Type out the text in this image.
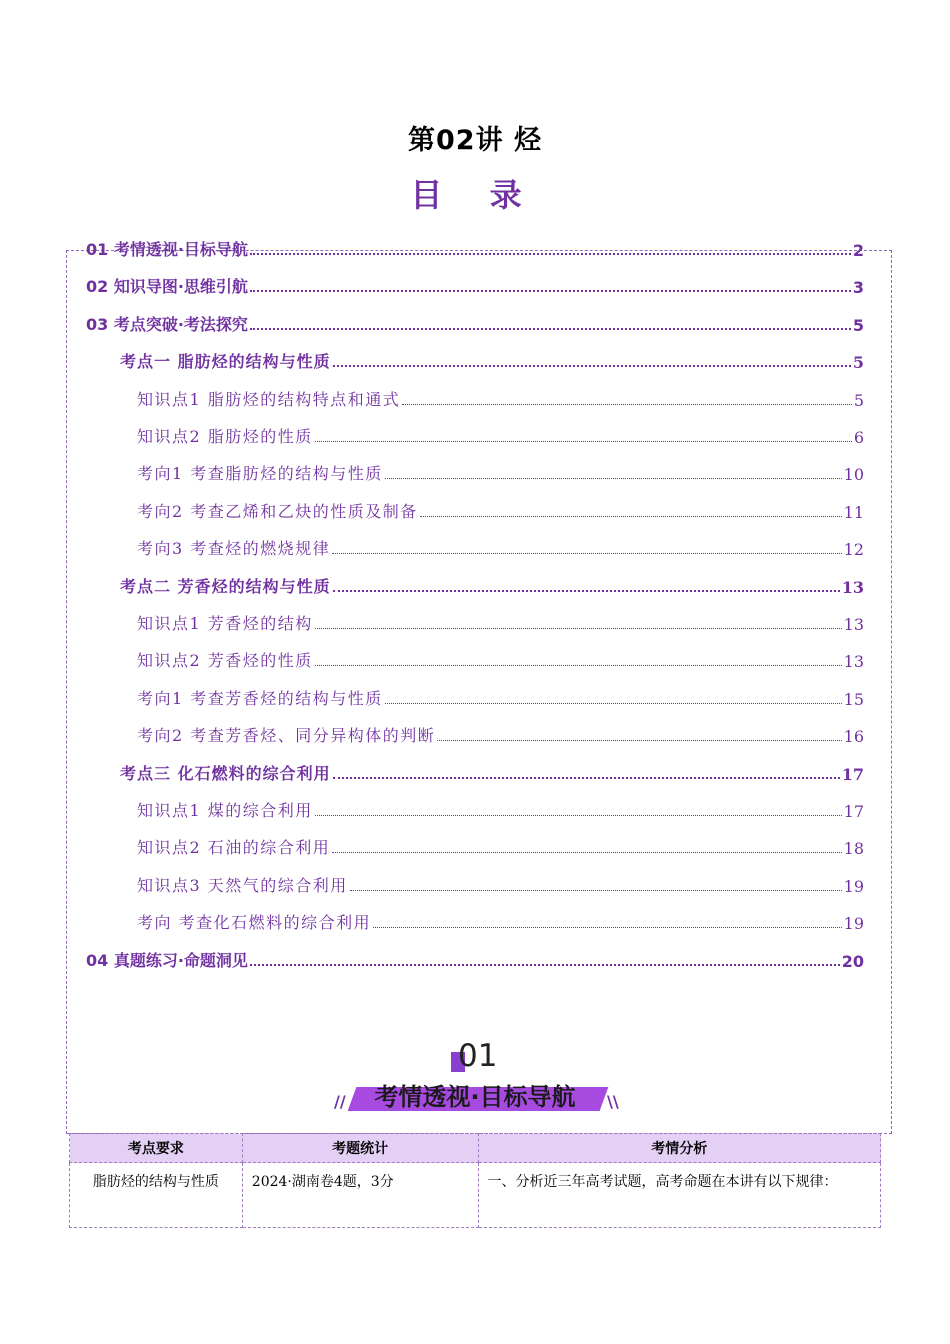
第02讲 烃
目 录
01 考情透视·目标导航	2
02 知识导图·思维引航	3
03 考点突破·考法探究	5
考点一 脂肪烃的结构与性质	5
知识点1 脂肪烃的结构特点和通式	5
知识点2 脂肪烃的性质	6
考向1 考查脂肪烃的结构与性质	10
考向2 考查乙烯和乙炔的性质及制备	11
考向3 考查烃的燃烧规律	12
考点二 芳香烃的结构与性质	13
知识点1 芳香烃的结构	13
知识点2 芳香烃的性质	13
考向1 考查芳香烃的结构与性质	15
考向2 考查芳香烃、同分异构体的判断	16
考点三 化石燃料的综合利用	17
知识点1 煤的综合利用	17
知识点2 石油的综合利用	18
知识点3 天然气的综合利用	19
考向 考查化石燃料的综合利用	19
04 真题练习·命题洞见	20
01
//	\\
考情透视·目标导航
考点要求	考题统计	考情分析
脂肪烃的结构与性质	2024·湖南卷4题，3分	一、分析近三年高考试题，高考命题在本讲有以下规律：
